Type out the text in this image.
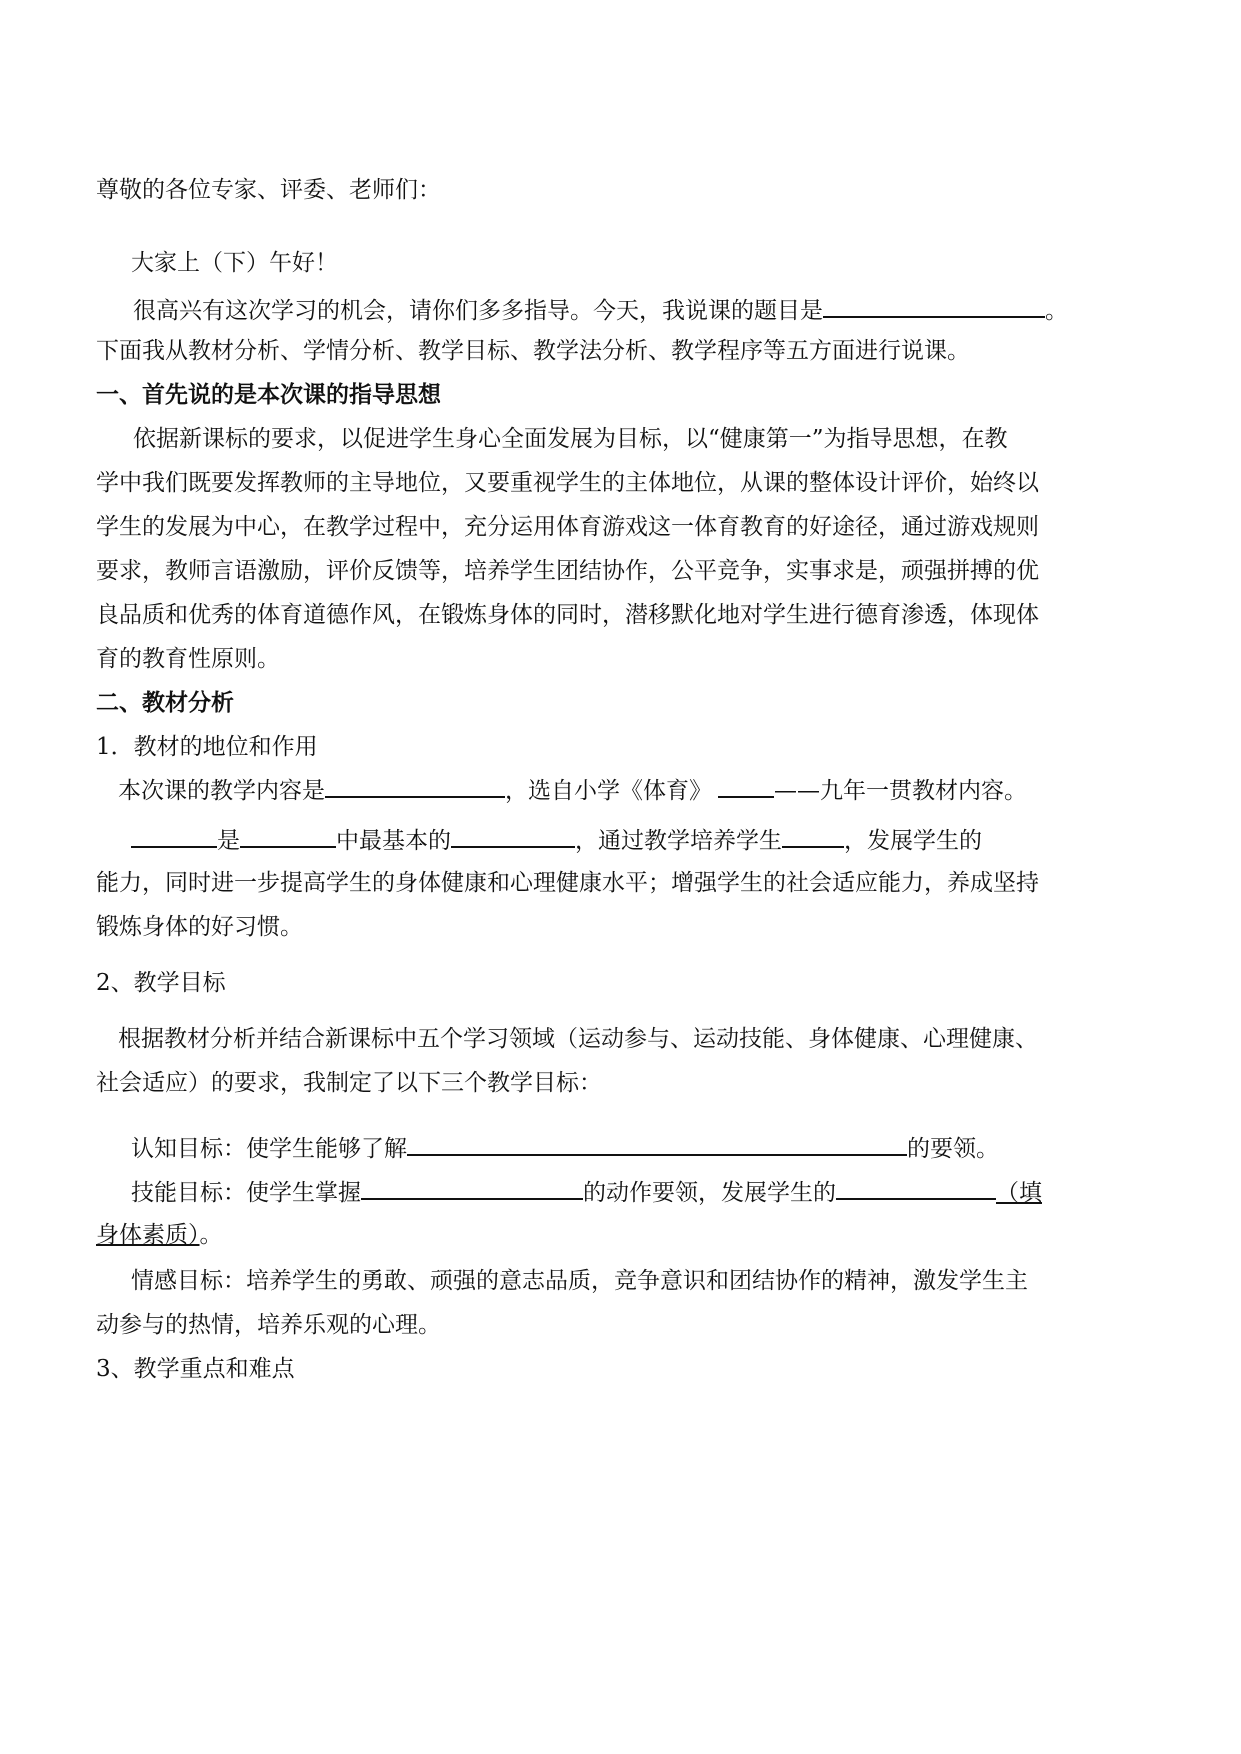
尊敬的各位专家、评委、老师们：
大家上（下）午好！
很高兴有这次学习的机会，请你们多多指导。今天，我说课的题目是	。
下面我从教材分析、学情分析、教学目标、教学法分析、教学程序等五方面进行说课。
一、首先说的是本次课的指导思想
依据新课标的要求，以促进学生身心全面发展为目标，以“健康第一”为指导思想，在教
学中我们既要发挥教师的主导地位，又要重视学生的主体地位，从课的整体设计评价，始终以
学生的发展为中心，在教学过程中，充分运用体育游戏这一体育教育的好途径，通过游戏规则
要求，教师言语激励，评价反馈等，培养学生团结协作，公平竞争，实事求是，顽强拼搏的优
良品质和优秀的体育道德作风，在锻炼身体的同时，潜移默化地对学生进行德育渗透，体现体
育的教育性原则。
二、教材分析
1．教材的地位和作用
本次课的教学内容是	，选自小学《体育》	——九年一贯教材内容。
是	中最基本的	，通过教学培养学生	，发展学生的
能力，同时进一步提高学生的身体健康和心理健康水平；增强学生的社会适应能力，养成坚持
锻炼身体的好习惯。
2、教学目标
根据教材分析并结合新课标中五个学习领域（运动参与、运动技能、身体健康、心理健康、
社会适应）的要求，我制定了以下三个教学目标：
认知目标：使学生能够了解	的要领。
技能目标：使学生掌握	的动作要领，发展学生的	（填
身体素质）。
情感目标：培养学生的勇敢、顽强的意志品质，竞争意识和团结协作的精神，激发学生主
动参与的热情，培养乐观的心理。
3、教学重点和难点
